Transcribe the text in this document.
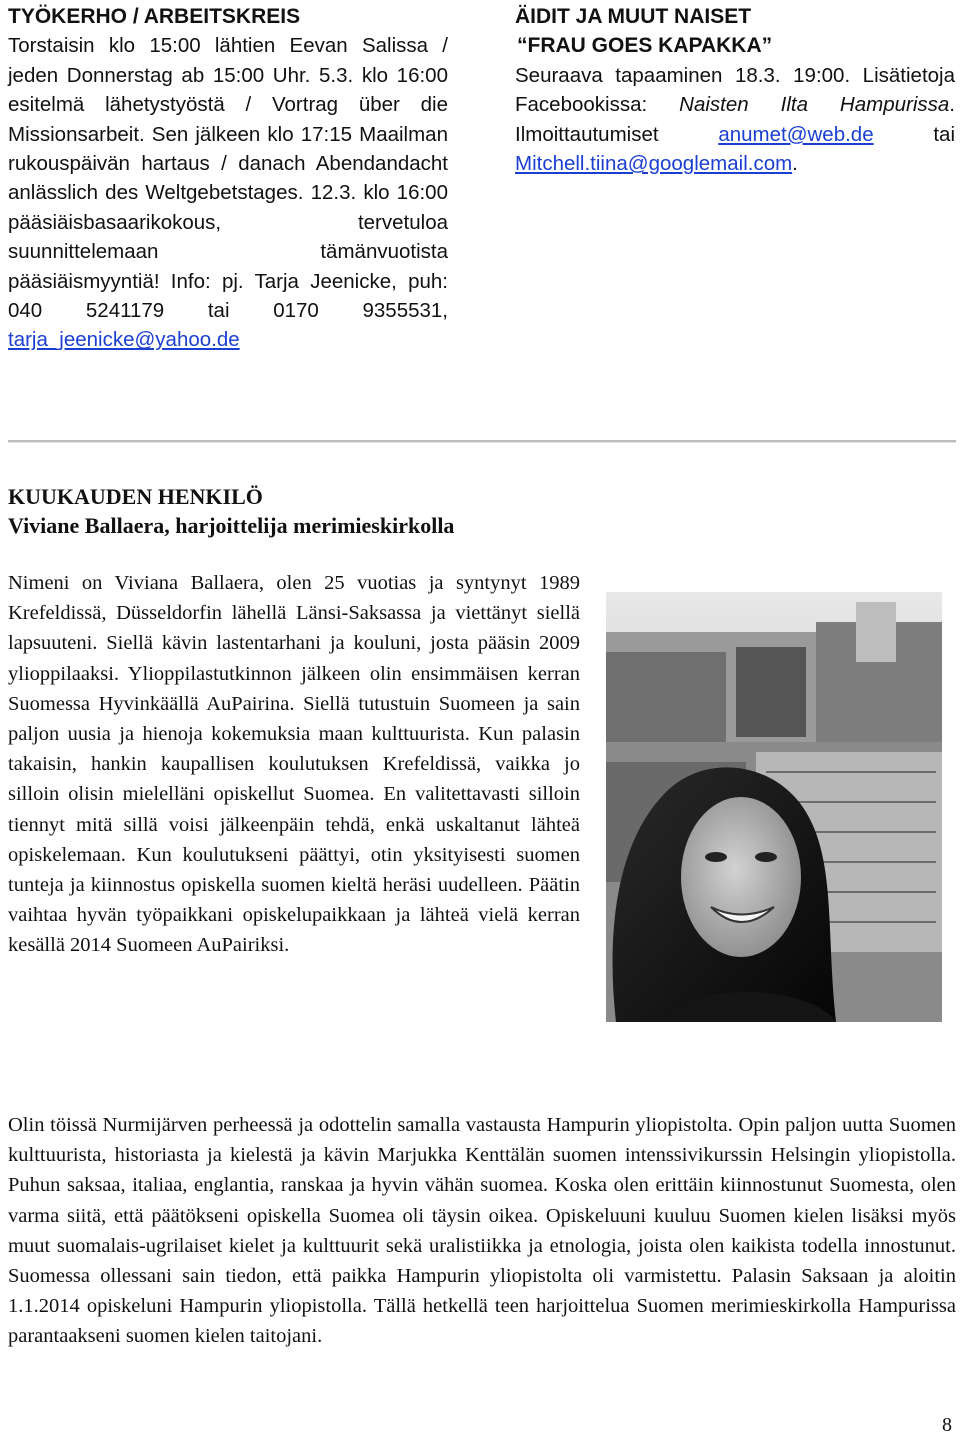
TYÖKERHO / ARBEITSKREIS

Torstaisin klo 15:00 lähtien Eevan Salissa / jeden Donnerstag ab 15:00 Uhr. 5.3. klo 16:00 esitelmä lähetystyöstä / Vortrag über die Missionsarbeit. Sen jälkeen klo 17:15 Maailman rukouspäivän hartaus / danach Abendandacht anlässlich des Weltgebetstages. 12.3. klo 16:00 pääsiäisbasaarikokous, tervetuloa suunnittelemaan tämänvuotista pääsiäismyyntiä! Info: pj. Tarja Jeenicke, puh: 040 5241179 tai 0170 9355531, tarja_jeenicke@yahoo.de

ÄIDIT JA MUUT NAISET
“FRAU GOES KAPAKKA”

Seuraava tapaaminen 18.3. 19:00. Lisätietoja Facebookissa: Naisten Ilta Hampurissa. Ilmoittautumiset	anumet@web.de	tai Mitchell.tiina@googlemail.com.

KUUKAUDEN HENKILÖ
Viviane Ballaera, harjoittelija merimieskirkolla

Nimeni on Viviana Ballaera, olen 25 vuotias ja syntynyt 1989 Krefeldissä, Düsseldorfin lähellä Länsi-Saksassa ja viettänyt siellä lapsuuteni. Siellä kävin lastentarhani ja kouluni, josta pääsin 2009 ylioppilaaksi. Ylioppilastutkinnon jälkeen olin ensimmäisen kerran Suomessa Hyvinkäällä AuPairina. Siellä tutustuin Suomeen ja sain paljon uusia ja hienoja kokemuksia maan kulttuurista. Kun palasin takaisin, hankin kaupallisen koulutuksen Krefeldissä, vaikka jo silloin olisin mielelläni opiskellut Suomea. En valitettavasti silloin tiennyt mitä sillä voisi jälkeenpäin tehdä, enkä uskaltanut lähteä opiskelemaan. Kun koulutukseni päättyi, otin yksityisesti suomen tunteja ja kiinnostus opiskella suomen kieltä heräsi uudelleen. Päätin vaihtaa hyvän työpaikkani opiskelupaikkaan ja lähteä vielä kerran kesällä 2014 Suomeen AuPairiksi.

Olin töissä Nurmijärven perheessä ja odottelin samalla vastausta Hampurin yliopistolta. Opin paljon uutta Suomen kulttuurista, historiasta ja kielestä ja kävin Marjukka Kenttälän suomen intenssivikurssin Helsingin yliopistolla. Puhun saksaa, italiaa, englantia, ranskaa ja hyvin vähän suomea. Koska olen erittäin kiinnostunut Suomesta, olen varma siitä, että päätökseni opiskella Suomea oli täysin oikea. Opiskeluuni kuuluu Suomen kielen lisäksi myös muut suomalais-ugrilaiset kielet ja kulttuurit sekä uralistiikka ja etnologia, joista olen kaikista todella innostunut. Suomessa ollessani sain tiedon, että paikka Hampurin yliopistolta oli varmistettu. Palasin Saksaan ja aloitin 1.1.2014 opiskeluni Hampurin yliopistolla. Tällä hetkellä teen harjoittelua Suomen merimieskirkolla Hampurissa parantaakseni suomen kielen taitojani.

8
